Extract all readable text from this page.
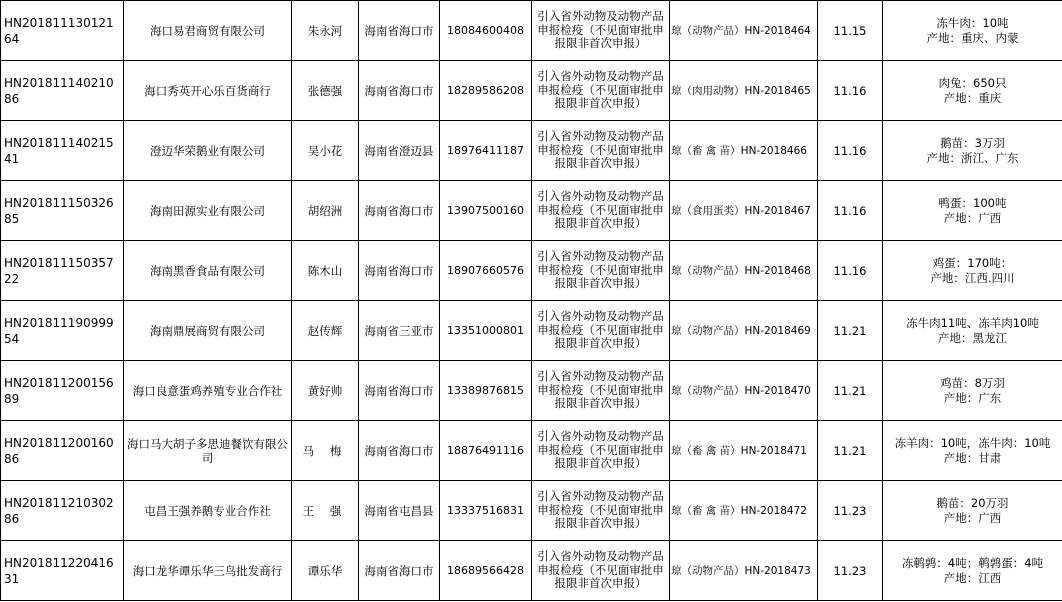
HN201811130121 64	海口易君商贸有限公司	朱永河	海南省海口市	18084600408	引入省外动物及动物产品申报检疫（不见面审批申报限非首次申报）	琼（动物产品）HN-2018464	11.15	冻牛肉：10吨
产地：重庆、内蒙

HN201811140210 86	海口秀英开心乐百货商行	张德强	海南省海口市	18289586208	引入省外动物及动物产品申报检疫（不见面审批申报限非首次申报）	琼（肉用动物）HN-2018465	11.16	肉兔：650只
产地：重庆

HN201811140215 41	澄迈华荣鹅业有限公司	吴小花	海南省澄迈县	18976411187	引入省外动物及动物产品申报检疫（不见面审批申报限非首次申报）	琼（畜 禽 苗）HN-2018466	11.16	鹅苗：3万羽
产地：浙江、广东

HN201811150326 85	海南田源实业有限公司	胡绍洲	海南省海口市	13907500160	引入省外动物及动物产品申报检疫（不见面审批申报限非首次申报）	琼（食用蛋类）HN-2018467	11.16	鸭蛋：100吨
产地：广西

HN201811150357 22	海南黑香食品有限公司	陈木山	海南省海口市	18907660576	引入省外动物及动物产品申报检疫（不见面审批申报限非首次申报）	琼（动物产品）HN-2018468	11.16	鸡蛋：170吨：
产地：江西.四川

HN201811190999 54	海南鼎展商贸有限公司	赵传辉	海南省三亚市	13351000801	引入省外动物及动物产品申报检疫（不见面审批申报限非首次申报）	琼（动物产品）HN-2018469	11.21	冻牛肉11吨、冻羊肉10吨
产地：黑龙江

HN201811200156 89	海口良意蛋鸡养殖专业合作社	黄好帅	海南省海口市	13389876815	引入省外动物及动物产品申报检疫（不见面审批申报限非首次申报）	琼（动物产品）HN-2018470	11.21	鸡苗：8万羽
产地：广东

HN201811200160 86	海口马大胡子多思迪餐饮有限公司	马 梅	海南省海口市	18876491116	引入省外动物及动物产品申报检疫（不见面审批申报限非首次申报）	琼（畜 禽 苗）HN-2018471	11.21	冻羊肉：10吨，冻牛肉：10吨
产地：甘肃

HN201811210302 86	屯昌王强养鹅专业合作社	王 强	海南省屯昌县	13337516831	引入省外动物及动物产品申报检疫（不见面审批申报限非首次申报）	琼（畜 禽 苗）HN-2018472	11.23	鹅苗：20万羽
产地：广西

HN201811220416 31	海口龙华谭乐华三鸟批发商行	谭乐华	海南省海口市	18689566428	引入省外动物及动物产品申报检疫（不见面审批申报限非首次申报）	琼（动物产品）HN-2018473	11.23	冻鹌鹑：4吨；鹌鹑蛋：4吨
产地：江西
